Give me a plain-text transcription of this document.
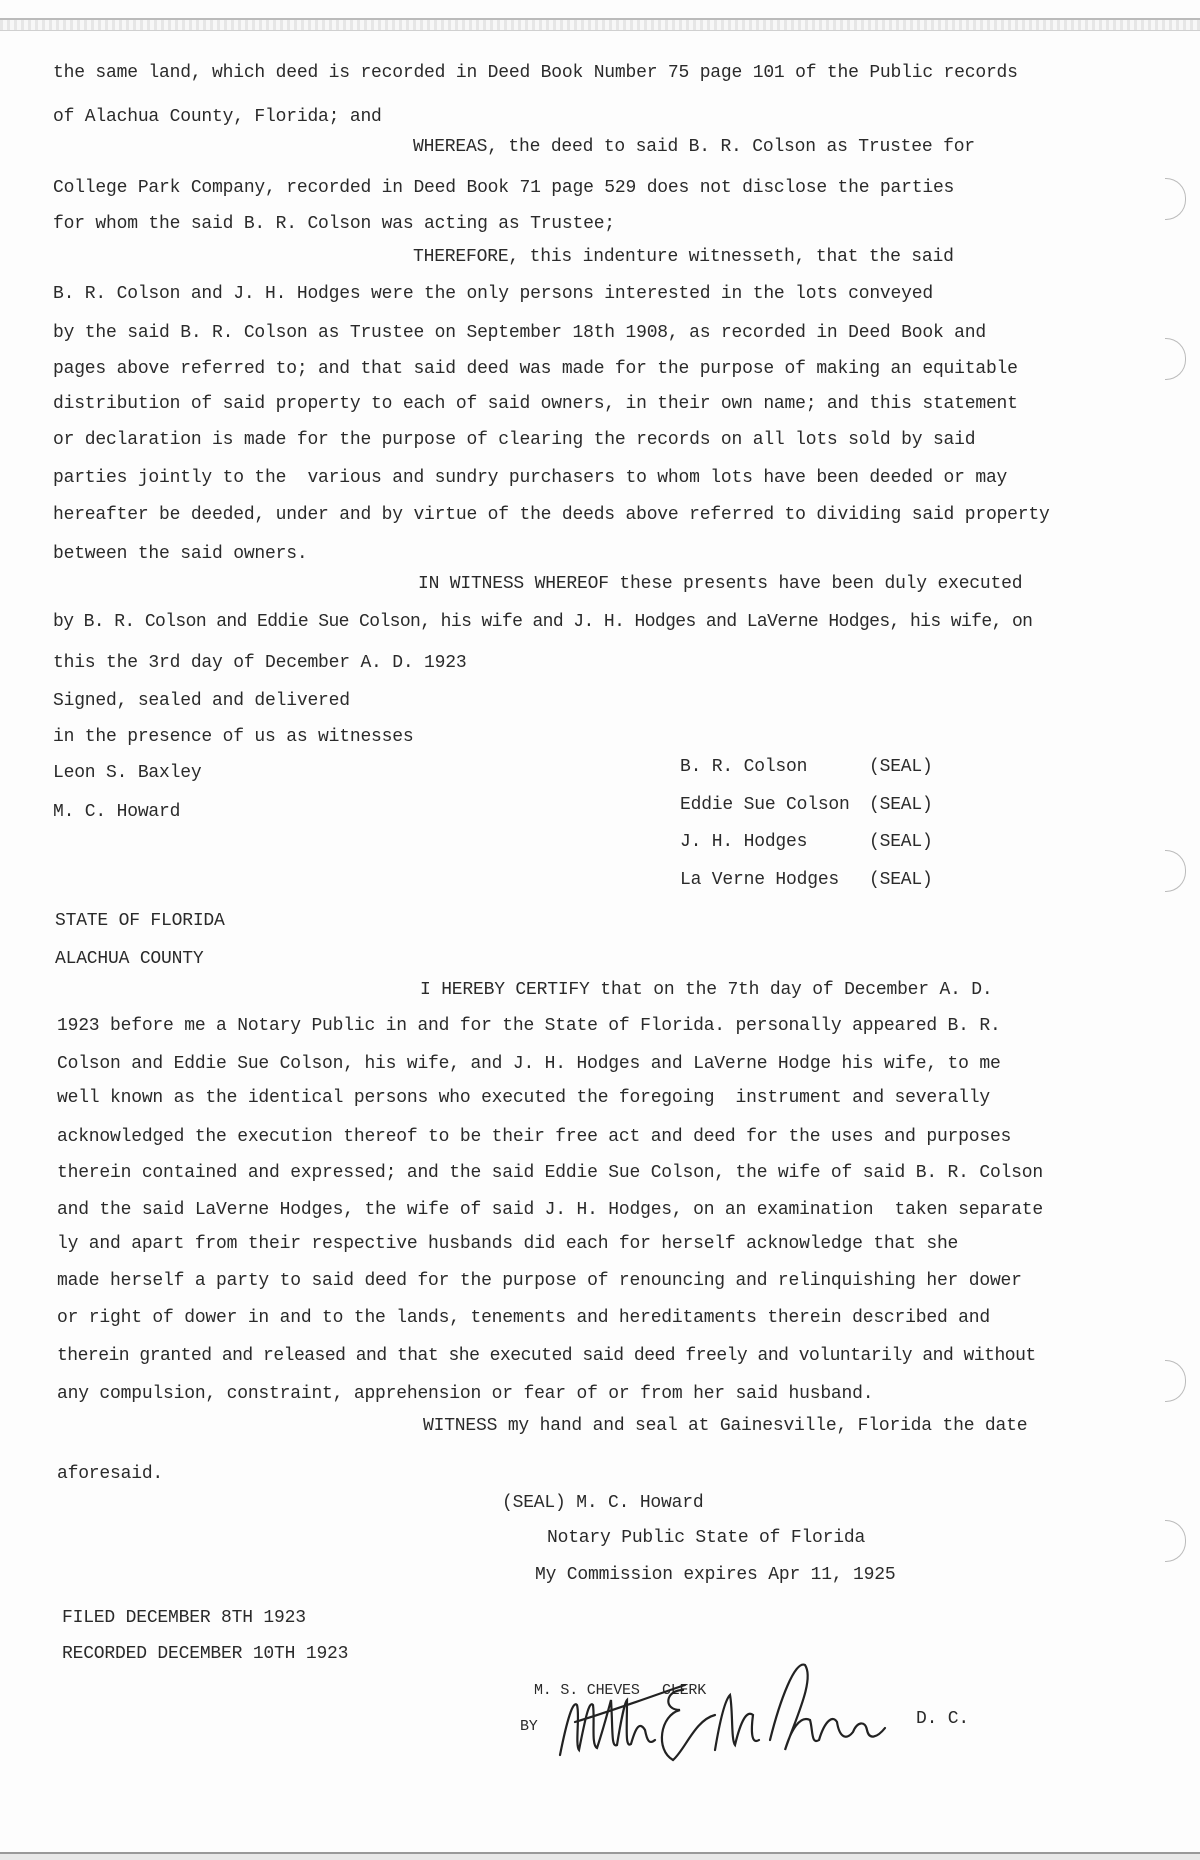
the same land, which deed is recorded in Deed Book Number 75 page 101 of the Public records
of Alachua County, Florida; and
WHEREAS, the deed to said B. R. Colson as Trustee for
College Park Company, recorded in Deed Book 71 page 529 does not disclose the parties
for whom the said B. R. Colson was acting as Trustee;
THEREFORE, this indenture witnesseth, that the said
B. R. Colson and J. H. Hodges were the only persons interested in the lots conveyed
by the said B. R. Colson as Trustee on September 18th 1908, as recorded in Deed Book and
pages above referred to; and that said deed was made for the purpose of making an equitable
distribution of said property to each of said owners, in their own name; and this statement
or declaration is made for the purpose of clearing the records on all lots sold by said
parties jointly to the  various and sundry purchasers to whom lots have been deeded or may
hereafter be deeded, under and by virtue of the deeds above referred to dividing said property
between the said owners.
IN WITNESS WHEREOF these presents have been duly executed
by B. R. Colson and Eddie Sue Colson, his wife and J. H. Hodges and LaVerne Hodges, his wife, on
this the 3rd day of December A. D. 1923
Signed, sealed and delivered
in the presence of us as witnesses
Leon S. Baxley
M. C. Howard
B. R. Colson	(SEAL)
Eddie Sue Colson (SEAL)
J. H. Hodges	(SEAL)
La Verne Hodges (SEAL)
STATE OF FLORIDA
ALACHUA COUNTY
I HEREBY CERTIFY that on the 7th day of December A. D.
1923 before me a Notary Public in and for the State of Florida. personally appeared B. R.
Colson and Eddie Sue Colson, his wife, and J. H. Hodges and LaVerne Hodge his wife, to me
well known as the identical persons who executed the foregoing  instrument and severally
acknowledged the execution thereof to be their free act and deed for the uses and purposes
therein contained and expressed; and the said Eddie Sue Colson, the wife of said B. R. Colson
and the said LaVerne Hodges, the wife of said J. H. Hodges, on an examination  taken separate
ly and apart from their respective husbands did each for herself acknowledge that she
made herself a party to said deed for the purpose of renouncing and relinquishing her dower
or right of dower in and to the lands, tenements and hereditaments therein described and
therein granted and released and that she executed said deed freely and voluntarily and without
any compulsion, constraint, apprehension or fear of or from her said husband.
WITNESS my hand and seal at Gainesville, Florida the date
aforesaid.
(SEAL) M. C. Howard
Notary Public State of Florida
My Commission expires Apr 11, 1925
FILED DECEMBER 8TH 1923
RECORDED DECEMBER 10TH 1923
M. S. CHEVES CLERK
BY	D. C.
